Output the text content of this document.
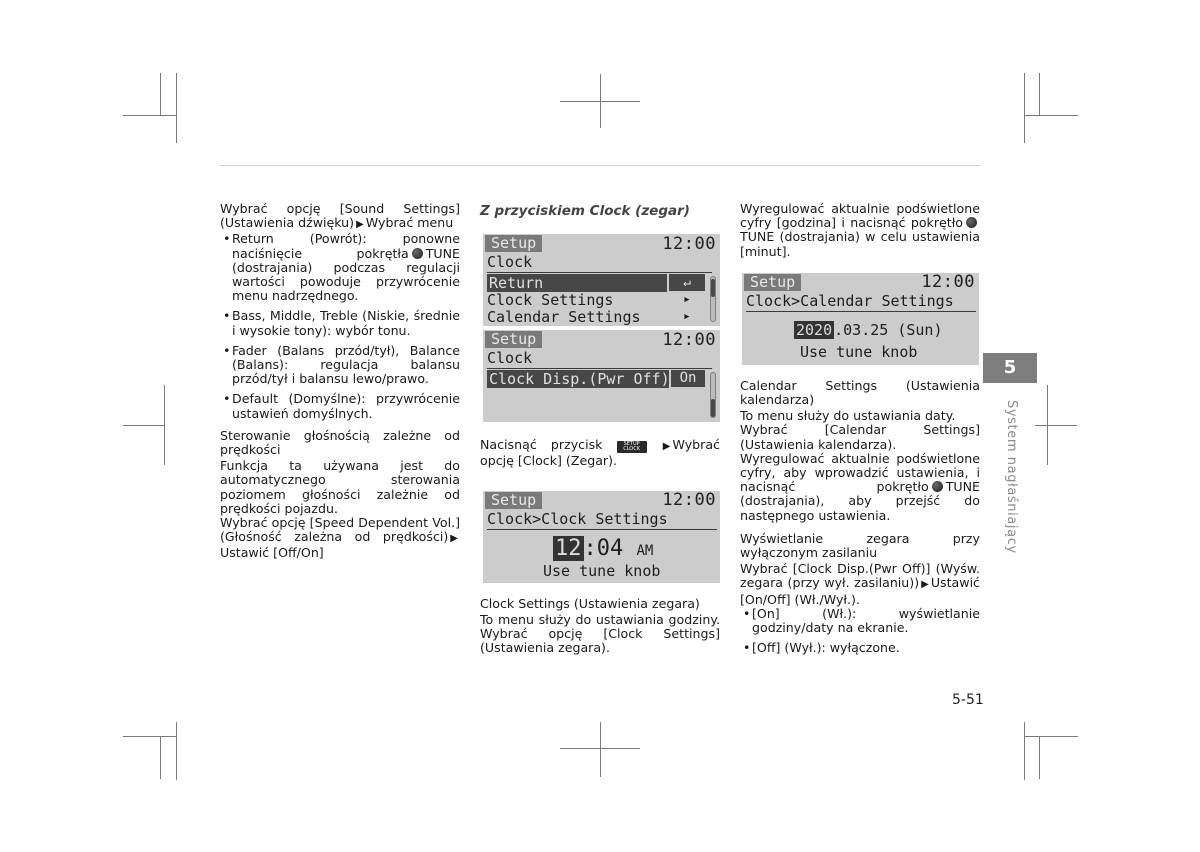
Wybrać opcję [Sound Settings] (Ustawienia dźwięku) ▶ Wybrać menu

• Return (Powrót): ponowne naciśnięcie pokrętła TUNE (dostrajania) podczas regulacji wartości powoduje przywrócenie menu nadrzędnego.
• Bass, Middle, Treble (Niskie, średnie i wysokie tony): wybór tonu.
• Fader (Balans przód/tył), Balance (Balans): regulacja balansu przód/tył i balansu lewo/prawo.
• Default (Domyślne): przywrócenie ustawień domyślnych.

Sterowanie głośnością zależne od prędkości

Funkcja ta używana jest do automatycznego sterowania poziomem głośności zależnie od prędkości pojazdu.

Wybrać opcję [Speed Dependent Vol.] (Głośność zależna od prędkości) ▶Ustawić [Off/On]

Z przyciskiem Clock (zegar)

Setup	12:00
Clock
Return	↵
Clock Settings	▸
Calendar Settings	▸
Setup	12:00
Clock
Clock Disp.(Pwr Off) On

Nacisnąć przycisk	SETUP
CLOCK ▶ Wybrać opcję [Clock] (Zegar).

Setup	12:00
Clock>Clock Settings
12:04 AM
Use tune knob

Clock Settings (Ustawienia zegara)

To menu służy do ustawiania godziny. Wybrać opcję [Clock Settings] (Ustawienia zegara).

Wyregulować aktualnie podświetlone cyfry [godzina] i nacisnąć pokrętłoTUNE (dostrajania) w celu ustawienia [minut].

Setup	12:00
Clock>Calendar Settings
2020 .03.25 (Sun)
Use tune knob

Calendar Settings (Ustawienia kalendarza)

To menu służy do ustawiania daty.

Wybrać [Calendar Settings] (Ustawienia kalendarza).

Wyregulować aktualnie podświetlone cyfry, aby wprowadzić ustawienia, i nacisnąć pokrętło TUNE (dostrajania), aby przejść do następnego ustawienia.

Wyświetlanie zegara przy wyłączonym zasilaniu

Wybrać [Clock Disp.(Pwr Off)] (Wyśw. zegara (przy wył. zasilaniu)) ▶ Ustawić [On/Off] (Wł./Wył.).

• [On] (Wł.): wyświetlanie godziny/daty na ekranie.
• [Off] (Wył.): wyłączone.
5
System nagłaśniający
5-51
